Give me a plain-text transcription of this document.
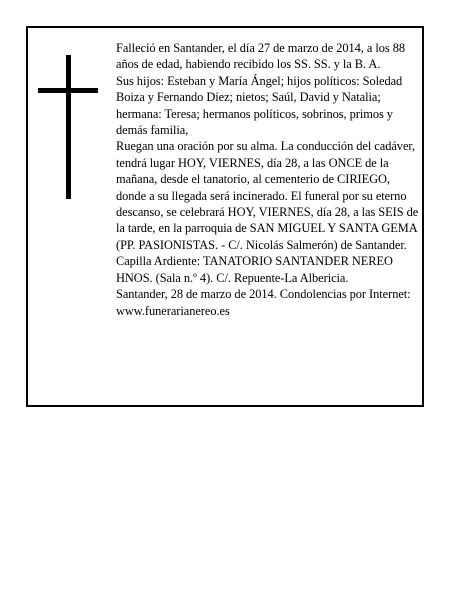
Falleció en Santander, el día 27 de marzo de 2014, a los 88 años de edad, habiendo recibido los SS. SS. y la B. A.

Sus hijos: Esteban y María Ángel; hijos políticos: Soledad Boiza y Fernando Díez; nietos; Saúl, David y Natalia; hermana: Teresa; hermanos políticos, sobrinos, primos y demás familia,

Ruegan una oración por su alma. La conducción del cadáver, tendrá lugar HOY, VIERNES, día 28, a las ONCE de la mañana, desde el tanatorio, al cementerio de CIRIEGO, donde a su llegada será incinerado. El funeral por su eterno descanso, se celebrará HOY, VIERNES, día 28, a las SEIS de la tarde, en la parroquia de SAN MIGUEL Y SANTA GEMA (PP. PASIONISTAS. - C/. Nicolás Salmerón) de Santander.

Capilla Ardiente: TANATORIO SANTANDER NEREO HNOS. (Sala n.º 4). C/. Repuente-La Albericia.

Santander, 28 de marzo de 2014. Condolencias por Internet: www.funerarianereo.es
